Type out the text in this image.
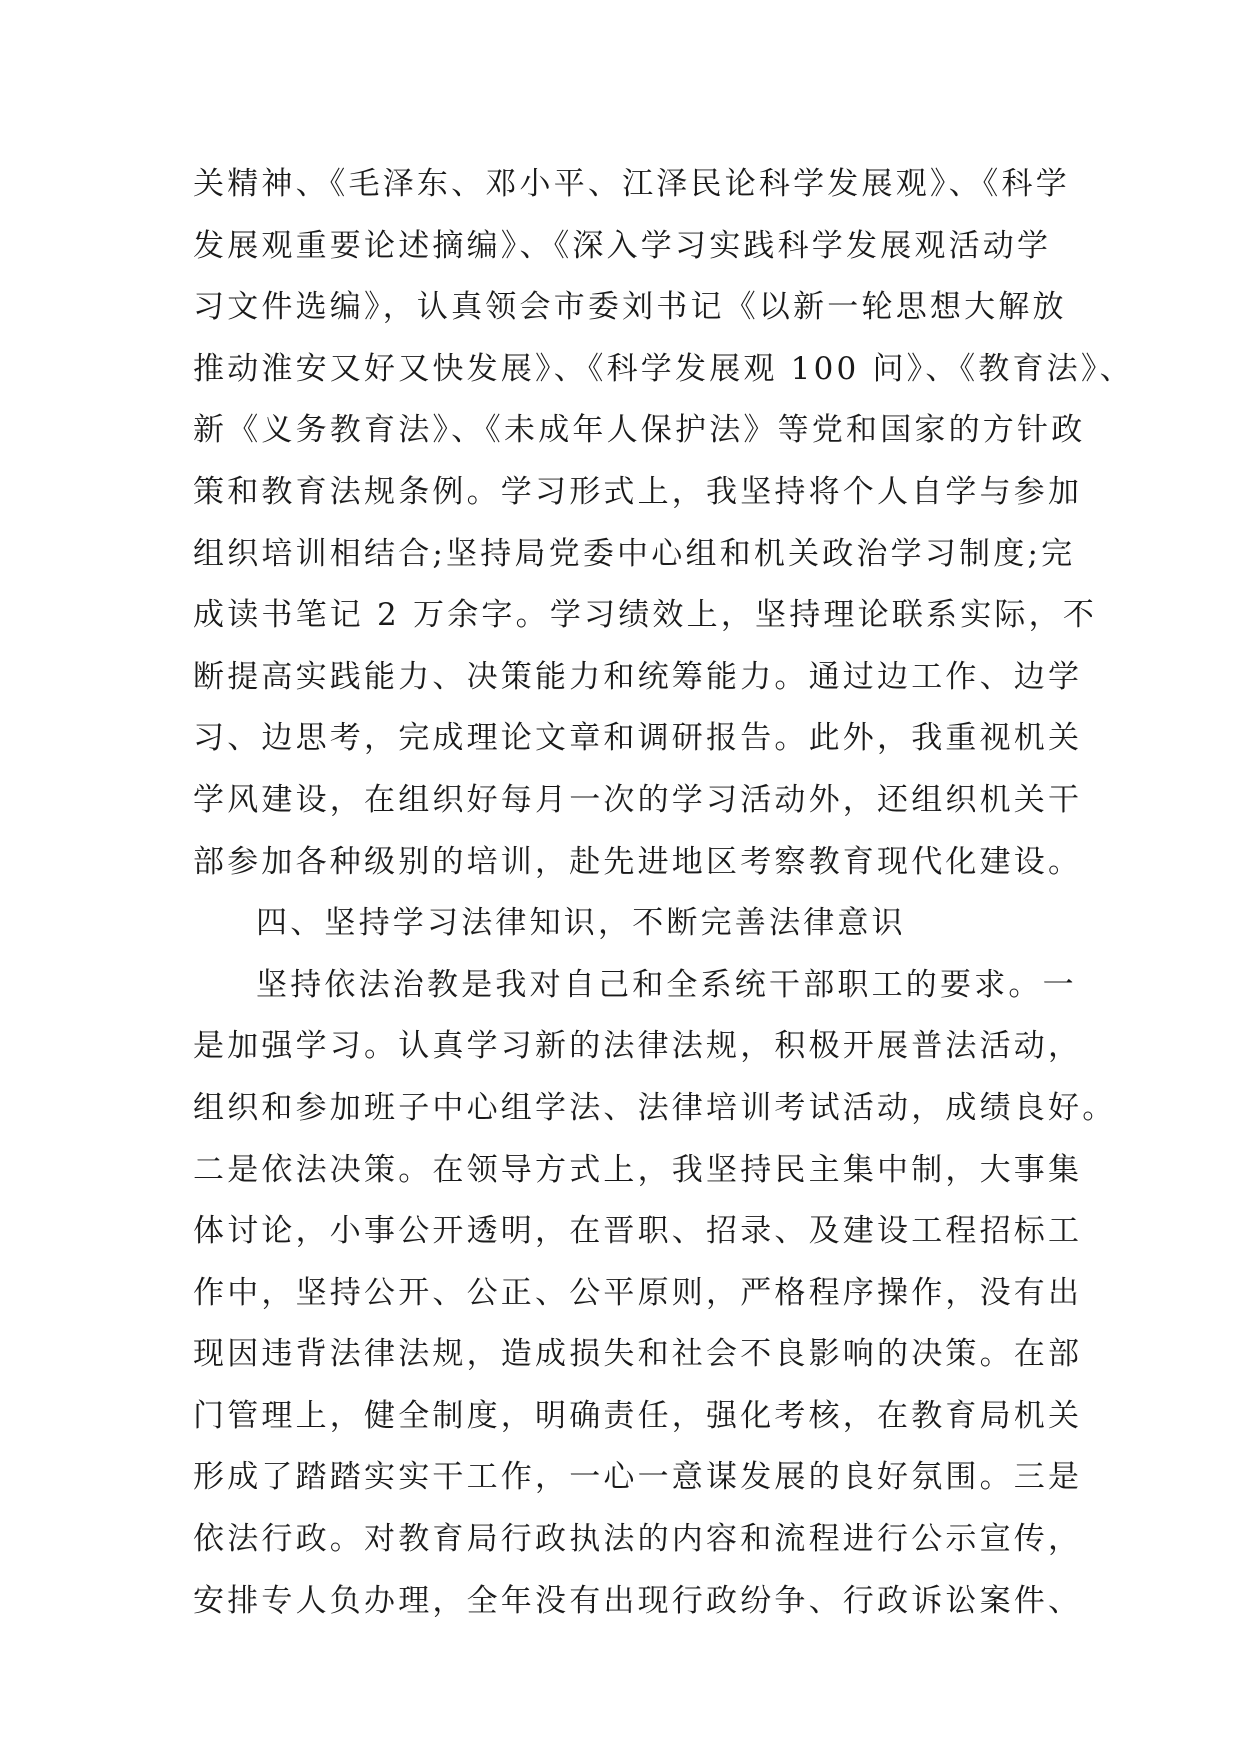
关精神、《毛泽东、邓小平、江泽民论科学发展观》、《科学
发展观重要论述摘编》、《深入学习实践科学发展观活动学
习文件选编》，认真领会市委刘书记《以新一轮思想大解放
推动淮安又好又快发展》、《科学发展观 100 问》、《教育法》、
新《义务教育法》、《未成年人保护法》等党和国家的方针政
策和教育法规条例。学习形式上，我坚持将个人自学与参加
组织培训相结合;坚持局党委中心组和机关政治学习制度;完
成读书笔记 2 万余字。学习绩效上，坚持理论联系实际，不
断提高实践能力、决策能力和统筹能力。通过边工作、边学
习、边思考，完成理论文章和调研报告。此外，我重视机关
学风建设，在组织好每月一次的学习活动外，还组织机关干
部参加各种级别的培训，赴先进地区考察教育现代化建设。
四、坚持学习法律知识，不断完善法律意识
坚持依法治教是我对自己和全系统干部职工的要求。一
是加强学习。认真学习新的法律法规，积极开展普法活动，
组织和参加班子中心组学法、法律培训考试活动，成绩良好。
二是依法决策。在领导方式上，我坚持民主集中制，大事集
体讨论，小事公开透明，在晋职、招录、及建设工程招标工
作中，坚持公开、公正、公平原则，严格程序操作，没有出
现因违背法律法规，造成损失和社会不良影响的决策。在部
门管理上，健全制度，明确责任，强化考核，在教育局机关
形成了踏踏实实干工作，一心一意谋发展的良好氛围。三是
依法行政。对教育局行政执法的内容和流程进行公示宣传，
安排专人负办理，全年没有出现行政纷争、行政诉讼案件、
